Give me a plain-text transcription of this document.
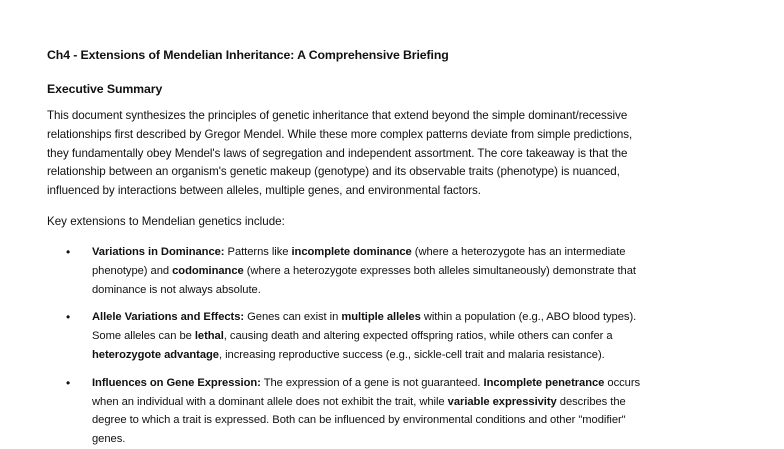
Ch4 - Extensions of Mendelian Inheritance: A Comprehensive Briefing
Executive Summary
This document synthesizes the principles of genetic inheritance that extend beyond the simple dominant/recessive
relationships first described by Gregor Mendel. While these more complex patterns deviate from simple predictions,
they fundamentally obey Mendel's laws of segregation and independent assortment. The core takeaway is that the
relationship between an organism's genetic makeup (genotype) and its observable traits (phenotype) is nuanced,
influenced by interactions between alleles, multiple genes, and environmental factors.
Key extensions to Mendelian genetics include:
• Variations in Dominance: Patterns like incomplete dominance (where a heterozygote has an intermediate
phenotype) and codominance (where a heterozygote expresses both alleles simultaneously) demonstrate that
dominance is not always absolute.
• Allele Variations and Effects: Genes can exist in multiple alleles within a population (e.g., ABO blood types).
Some alleles can be lethal, causing death and altering expected offspring ratios, while others can confer a
heterozygote advantage, increasing reproductive success (e.g., sickle-cell trait and malaria resistance).
• Influences on Gene Expression: The expression of a gene is not guaranteed. Incomplete penetrance occurs
when an individual with a dominant allele does not exhibit the trait, while variable expressivity describes the
degree to which a trait is expressed. Both can be influenced by environmental conditions and other "modifier"
genes.
